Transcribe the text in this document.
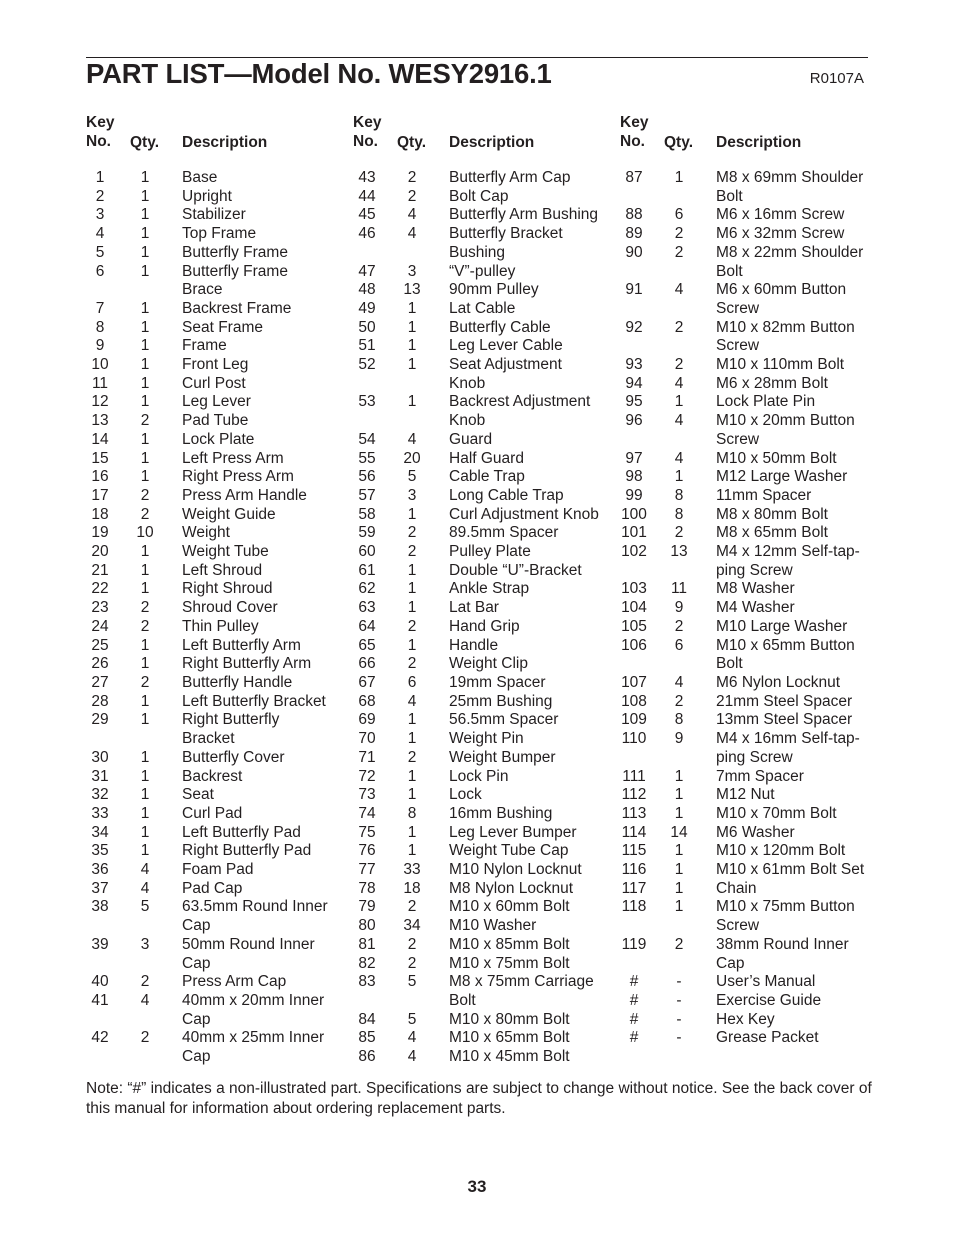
PART LIST—Model No. WESY2916.1	R0107A
Key
No.	Qty. Description
1	1	Base
2	1	Upright
3	1	Stabilizer
4	1	Top Frame
5	1	Butterfly Frame
6	1	Butterfly Frame
Brace
7	1	Backrest Frame
8	1	Seat Frame
9	1	Frame
10	1	Front Leg
11	1	Curl Post
12	1	Leg Lever
13	2	Pad Tube
14	1	Lock Plate
15	1	Left Press Arm
16	1	Right Press Arm
17	2	Press Arm Handle
18	2	Weight Guide
19	10 Weight
20	1	Weight Tube
21	1	Left Shroud
22	1	Right Shroud
23	2	Shroud Cover
24	2	Thin Pulley
25	1	Left Butterfly Arm
26	1	Right Butterfly Arm
27	2	Butterfly Handle
28	1	Left Butterfly Bracket
29	1	Right Butterfly
Bracket
30	1	Butterfly Cover
31	1	Backrest
32	1	Seat
33	1	Curl Pad
34	1	Left Butterfly Pad
35	1	Right Butterfly Pad
36	4	Foam Pad
37	4	Pad Cap
38	5	63.5mm Round Inner
Cap
39	3	50mm Round Inner
Cap
40	2	Press Arm Cap
41	4	40mm x 20mm Inner
Cap
42	2	40mm x 25mm Inner
Cap
Key
No.	Qty. Description
43	2	Butterfly Arm Cap
44	2	Bolt Cap
45	4	Butterfly Arm Bushing
46	4	Butterfly Bracket
Bushing
47	3	“V”-pulley
48	13 90mm Pulley
49	1	Lat Cable
50	1	Butterfly Cable
51	1	Leg Lever Cable
52	1	Seat Adjustment
Knob
53	1	Backrest Adjustment
Knob
54	4	Guard
55	20 Half Guard
56	5	Cable Trap
57	3	Long Cable Trap
58	1	Curl Adjustment Knob
59	2	89.5mm Spacer
60	2	Pulley Plate
61	1	Double “U”-Bracket
62	1	Ankle Strap
63	1	Lat Bar
64	2	Hand Grip
65	1	Handle
66	2	Weight Clip
67	6	19mm Spacer
68	4	25mm Bushing
69	1	56.5mm Spacer
70	1	Weight Pin
71	2	Weight Bumper
72	1	Lock Pin
73	1	Lock
74	8	16mm Bushing
75	1	Leg Lever Bumper
76	1	Weight Tube Cap
77	33 M10 Nylon Locknut
78	18 M8 Nylon Locknut
79	2	M10 x 60mm Bolt
80	34 M10 Washer
81	2	M10 x 85mm Bolt
82	2	M10 x 75mm Bolt
83	5	M8 x 75mm Carriage
Bolt
84	5	M10 x 80mm Bolt
85	4	M10 x 65mm Bolt
86	4	M10 x 45mm Bolt
Key
No.	Qty. Description
87	1	M8 x 69mm Shoulder
Bolt
88	6	M6 x 16mm Screw
89	2	M6 x 32mm Screw
90	2	M8 x 22mm Shoulder
Bolt
91	4	M6 x 60mm Button
Screw
92	2	M10 x 82mm Button
Screw
93	2	M10 x 110mm Bolt
94	4	M6 x 28mm Bolt
95	1	Lock Plate Pin
96	4	M10 x 20mm Button
Screw
97	4	M10 x 50mm Bolt
98	1	M12 Large Washer
99	8	11mm Spacer
100	8	M8 x 80mm Bolt
101	2	M8 x 65mm Bolt
102 13 M4 x 12mm Self-tap-
ping Screw
103	11	M8 Washer
104	9	M4 Washer
105	2	M10 Large Washer
106	6	M10 x 65mm Button
Bolt
107	4	M6 Nylon Locknut
108	2	21mm Steel Spacer
109	8	13mm Steel Spacer
110	9	M4 x 16mm Self-tap-
ping Screw
111	1	7mm Spacer
112	1	M12 Nut
113	1	M10 x 70mm Bolt
114 14 M6 Washer
115	1	M10 x 120mm Bolt
116	1	M10 x 61mm Bolt Set
117	1	Chain
118	1	M10 x 75mm Button
Screw
119	2	38mm Round Inner
Cap
#	-	User’s Manual
#	-	Exercise Guide
#	-	Hex Key
#	-	Grease Packet
Note: “#” indicates a non-illustrated part. Specifications are subject to change without notice. See the back cover of this manual for information about ordering replacement parts.
33
